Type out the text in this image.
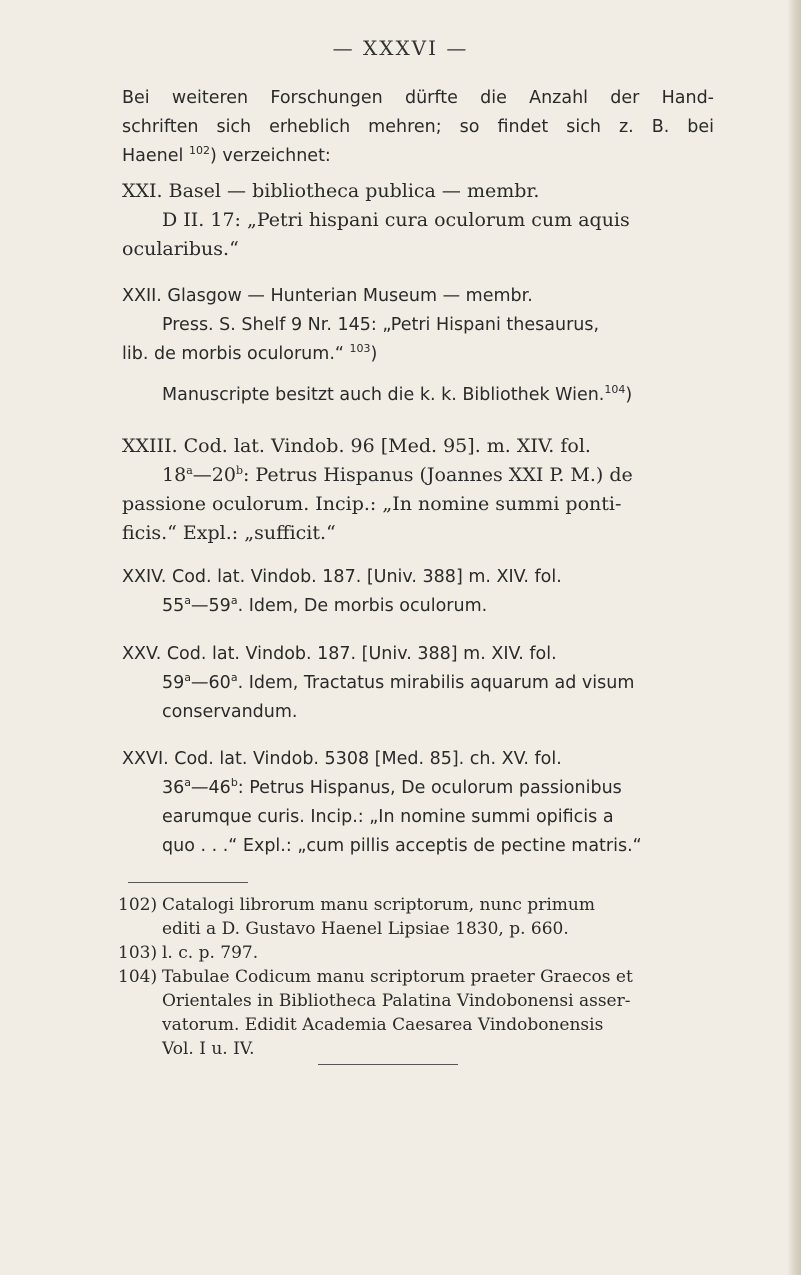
— XXXVI —
Bei weiteren Forschungen dürfte die Anzahl der Hand-
schriften sich erheblich mehren; so findet sich z. B. bei
Haenel $^{102}$) verzeichnet:
XXI. Basel — bibliotheca publica — membr.
D II. 17: „Petri hispani cura oculorum cum aquis
ocularibus.“
XXII. Glasgow — Hunterian Museum — membr.
Press. S. Shelf 9 Nr. 145: „Petri Hispani thesaurus,
lib. de morbis oculorum.“ $^{103}$)
Manuscripte besitzt auch die k. k. Bibliothek Wien.$^{104}$)
XXIII. Cod. lat. Vindob. 96 [Med. 95]. m. XIV. fol.
18$^a$—20$^b$: Petrus Hispanus (Joannes XXI P. M.) de
passione oculorum. Incip.: „In nomine summi ponti-
ficis.“ Expl.: „sufficit.“
XXIV. Cod. lat. Vindob. 187. [Univ. 388] m. XIV. fol.
55$^a$—59$^a$. Idem, De morbis oculorum.
XXV. Cod. lat. Vindob. 187. [Univ. 388] m. XIV. fol.
59$^a$—60$^a$. Idem, Tractatus mirabilis aquarum ad visum
conservandum.
XXVI. Cod. lat. Vindob. 5308 [Med. 85]. ch. XV. fol.
36$^a$—46$^b$: Petrus Hispanus, De oculorum passionibus
earumque curis. Incip.: „In nomine summi opificis a
quo . . .“ Expl.: „cum pillis acceptis de pectine matris.“
102) Catalogi librorum manu scriptorum, nunc primum
editi a D. Gustavo Haenel Lipsiae 1830, p. 660.
103) l. c. p. 797.
104) Tabulae Codicum manu scriptorum praeter Graecos et
Orientales in Bibliotheca Palatina Vindobonensi asser-
vatorum. Edidit Academia Caesarea Vindobonensis
Vol. I u. IV.
